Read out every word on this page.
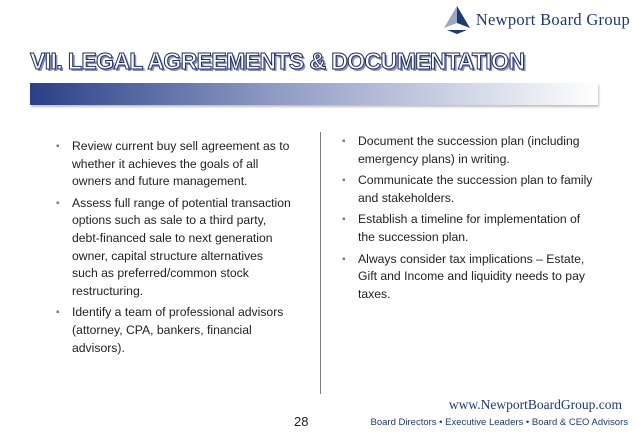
Newport Board Group
VII. LEGAL AGREEMENTS & DOCUMENTATION
▪ Review current buy sell agreement as to whether it achieves the goals of all owners and future management.
▪ Assess full range of potential transaction options such as sale to a third party, debt-financed sale to next generation owner, capital structure alternatives such as preferred/common stock restructuring.
▪ Identify a team of professional advisors (attorney, CPA, bankers, financial advisors).
▪ Document the succession plan (including emergency plans) in writing.
▪ Communicate the succession plan to family and stakeholders.
▪ Establish a timeline for implementation of the succession plan.
▪ Always consider tax implications – Estate, Gift and Income and liquidity needs to pay taxes.
28
www.NewportBoardGroup.com
Board Directors • Executive Leaders • Board & CEO Advisors
